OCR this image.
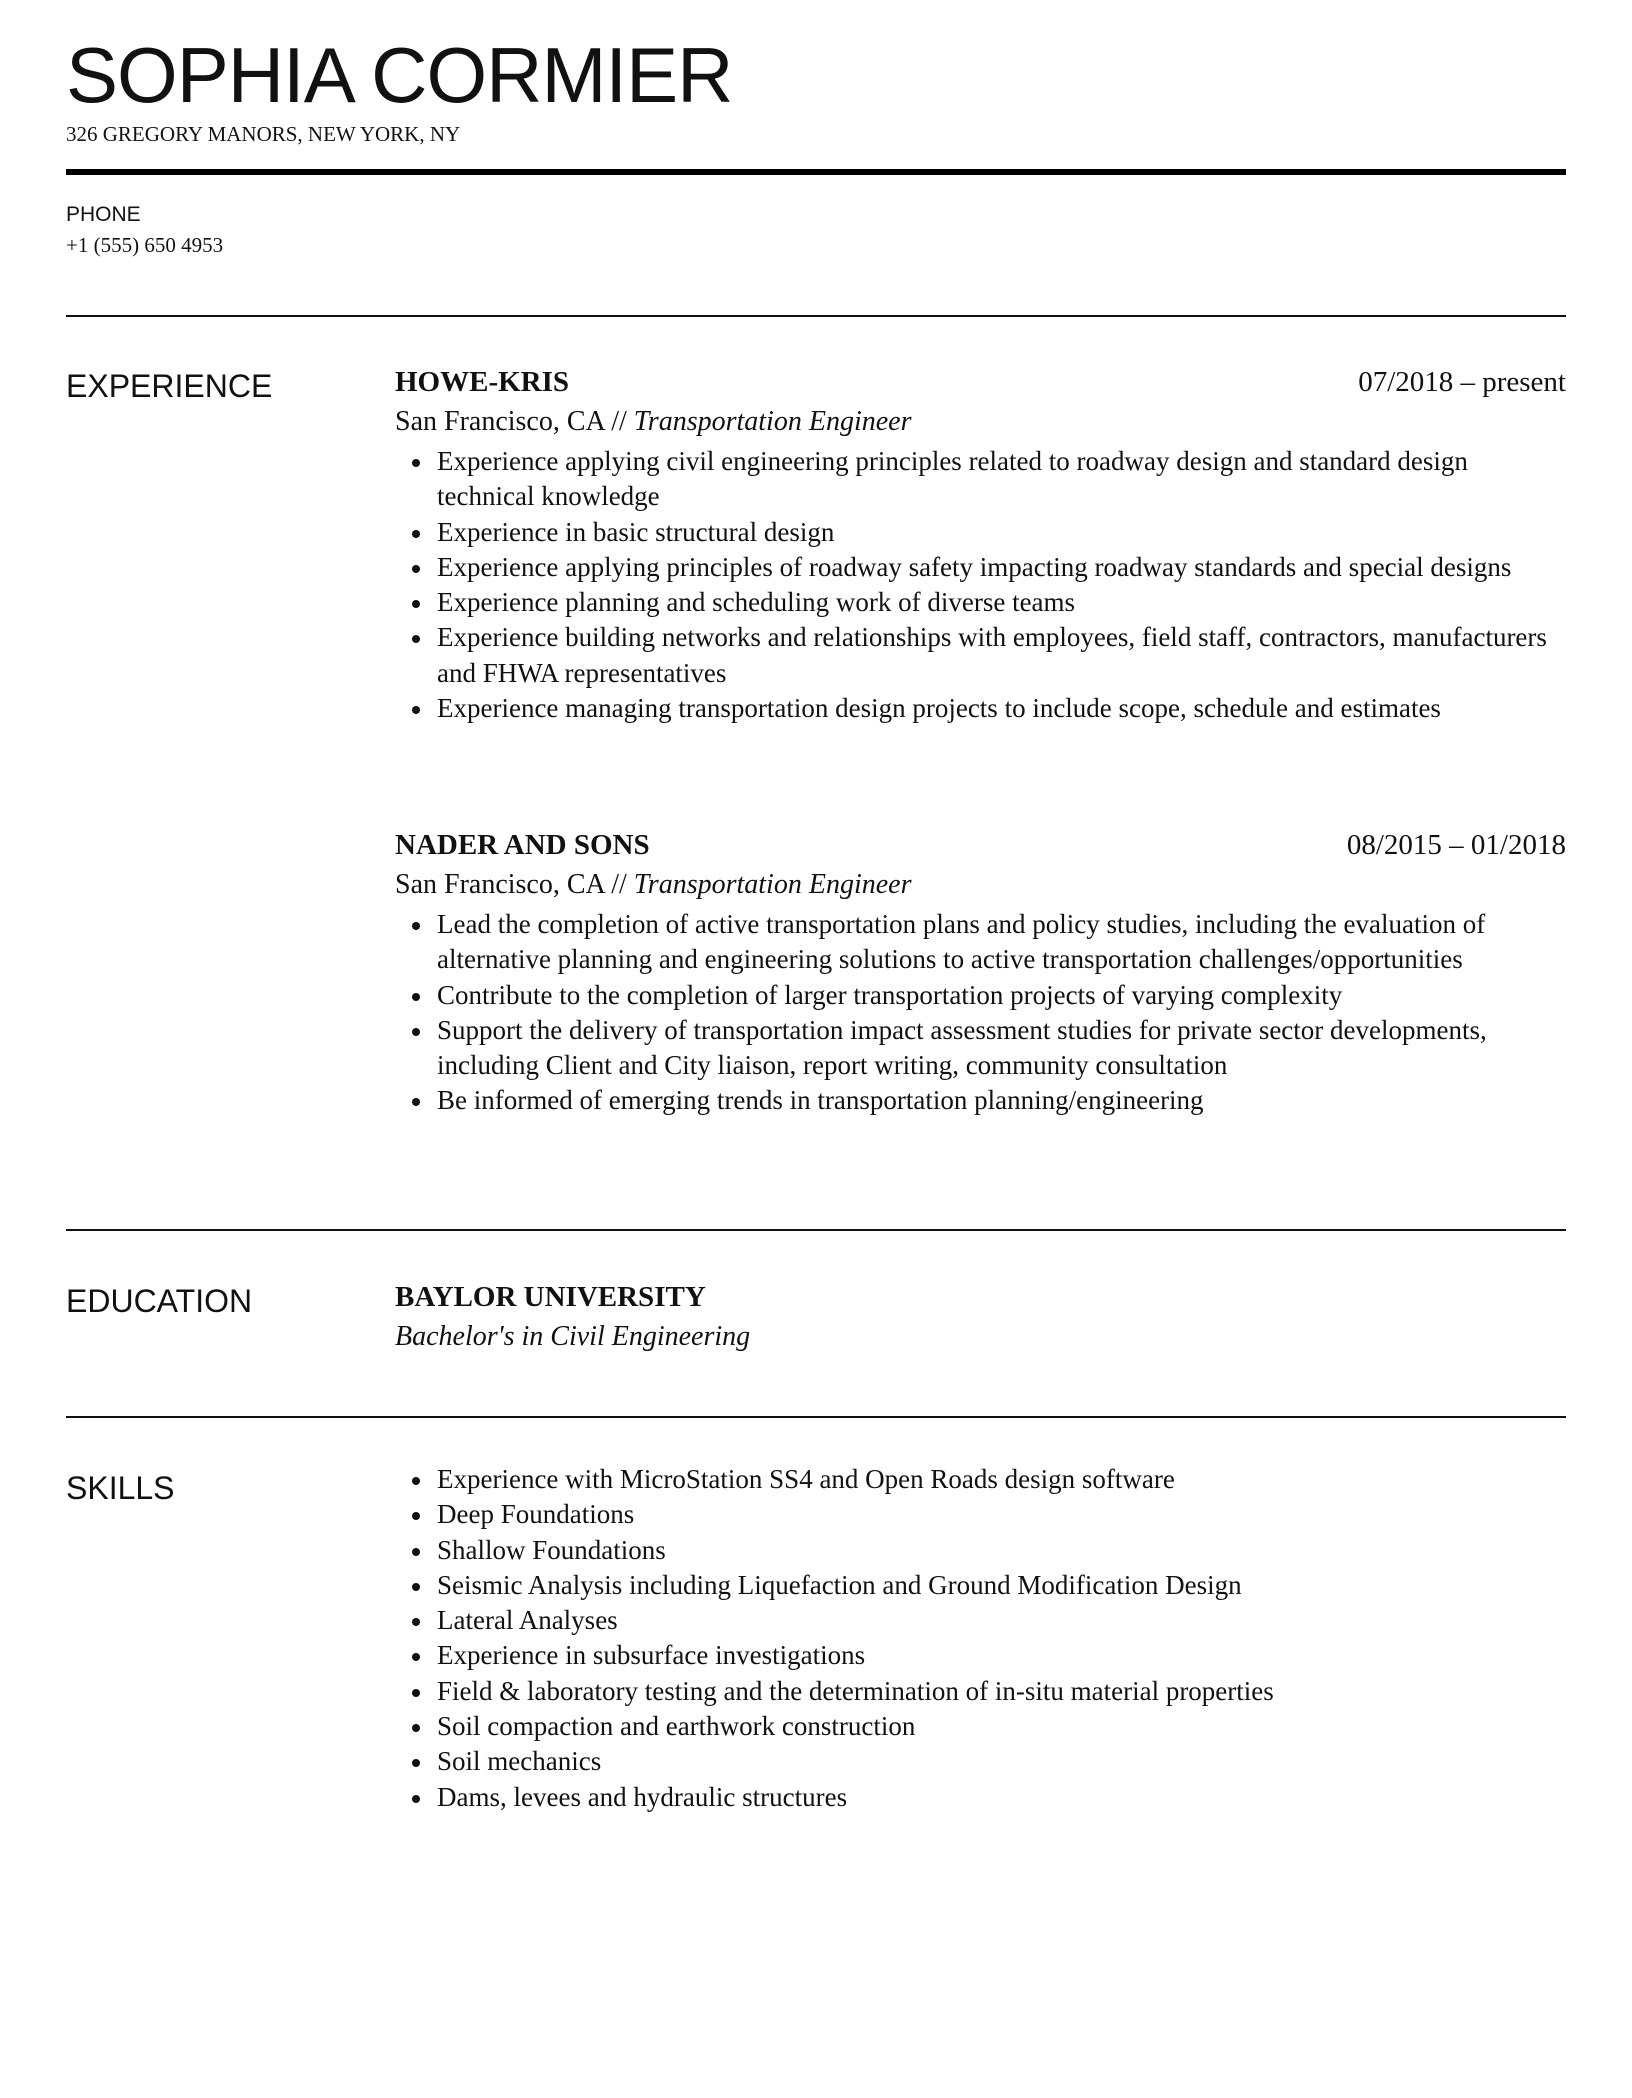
SOPHIA CORMIER
326 GREGORY MANORS, NEW YORK, NY
PHONE
+1 (555) 650 4953
EXPERIENCE	HOWE-KRIS	07/2018 – present
San Francisco, CA // Transportation Engineer
Experience applying civil engineering principles related to roadway design and standard design technical knowledge
Experience in basic structural design
Experience applying principles of roadway safety impacting roadway standards and special designs
Experience planning and scheduling work of diverse teams
Experience building networks and relationships with employees, field staff, contractors, manufacturers and FHWA representatives
Experience managing transportation design projects to include scope, schedule and estimates
NADER AND SONS	08/2015 – 01/2018
San Francisco, CA // Transportation Engineer
Lead the completion of active transportation plans and policy studies, including the evaluation of alternative planning and engineering solutions to active transportation challenges/opportunities
Contribute to the completion of larger transportation projects of varying complexity
Support the delivery of transportation impact assessment studies for private sector developments, including Client and City liaison, report writing, community consultation
Be informed of emerging trends in transportation planning/engineering
EDUCATION	BAYLOR UNIVERSITY
Bachelor's in Civil Engineering
SKILLS	Experience with MicroStation SS4 and Open Roads design software
Deep Foundations
Shallow Foundations
Seismic Analysis including Liquefaction and Ground Modification Design
Lateral Analyses
Experience in subsurface investigations
Field & laboratory testing and the determination of in-situ material properties
Soil compaction and earthwork construction
Soil mechanics
Dams, levees and hydraulic structures
